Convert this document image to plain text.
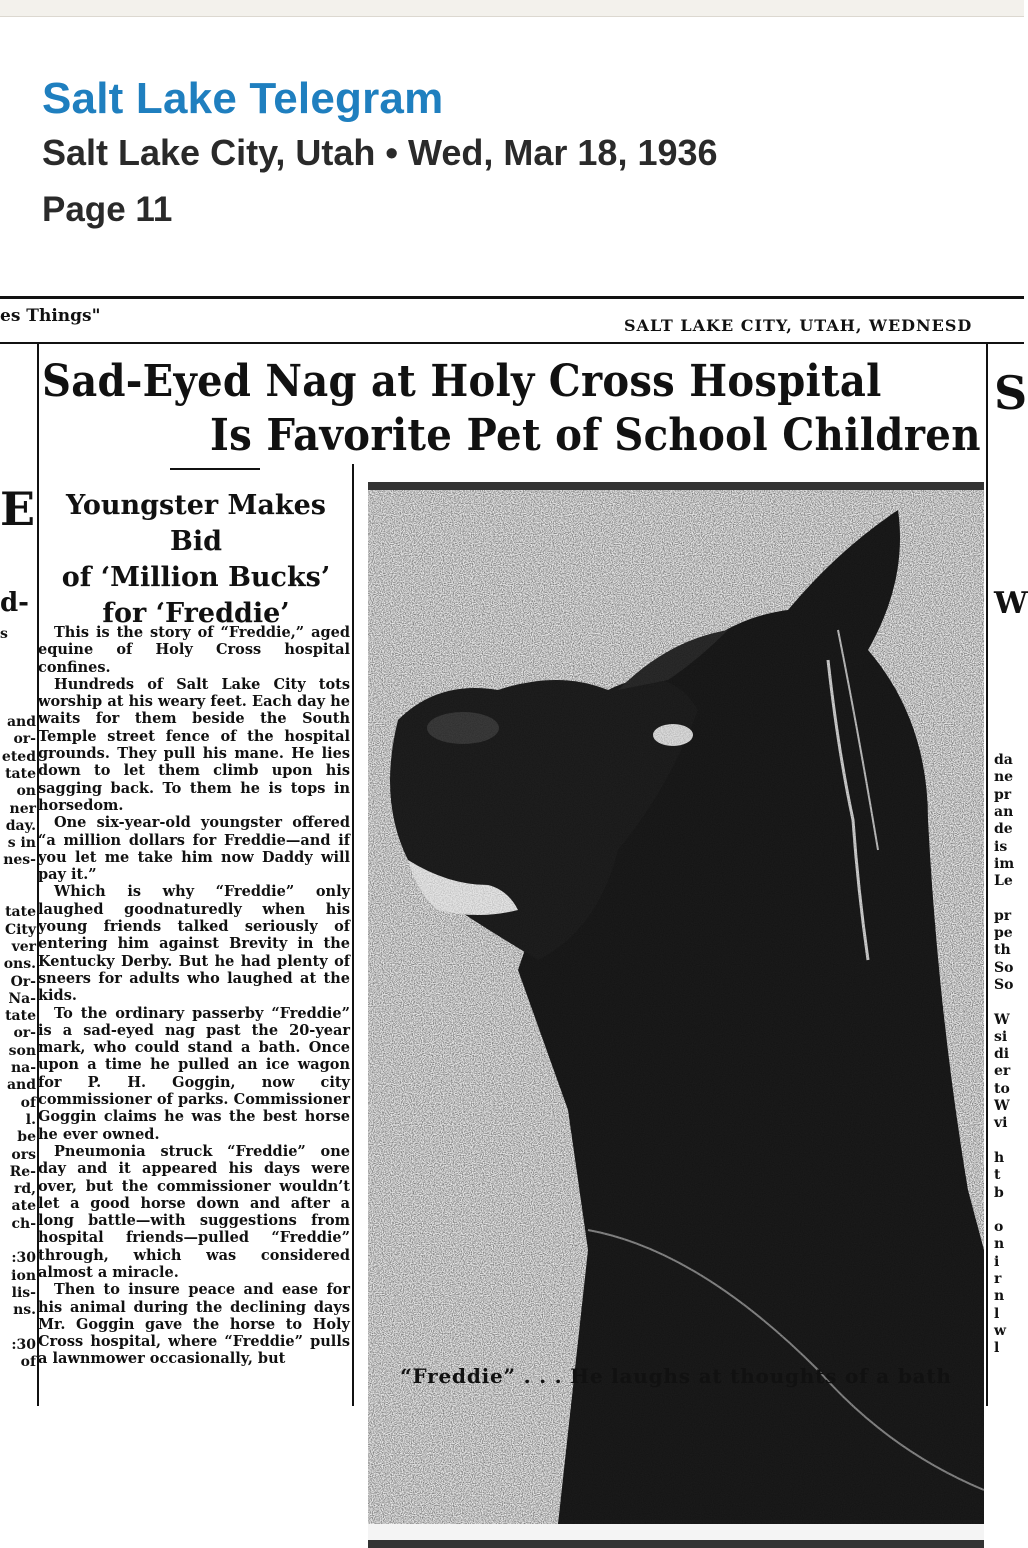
Salt Lake Telegram
Salt Lake City, Utah • Wed, Mar 18, 1936
Page 11
es Things"	SALT LAKE CITY, UTAH, WEDNESD
Sad-Eyed Nag at Holy Cross Hospital
Is Favorite Pet of School Children
Youngster Makes Bid
of ‘Million Bucks’
for ‘Freddie’

This is the story of “Freddie,” aged equine of Holy Cross hospital confines.

Hundreds of Salt Lake City tots worship at his weary feet. Each day he waits for them beside the South Temple street fence of the hospital grounds. They pull his mane. He lies down to let them climb upon his sagging back. To them he is tops in horsedom.

One six-year-old youngster offered “a million dollars for Freddie—and if you let me take him now Daddy will pay it.”

Which is why “Freddie” only laughed goodnaturedly when his young friends talked seriously of entering him against Brevity in the Kentucky Derby. But he had plenty of sneers for adults who laughed at the kids.

To the ordinary passerby “Freddie” is a sad-eyed nag past the 20-year mark, who could stand a bath. Once upon a time he pulled an ice wagon for P. H. Goggin, now city commissioner of parks. Commissioner Goggin claims he was the best horse he ever owned.

Pneumonia struck “Freddie” one day and it appeared his days were over, but the commissioner wouldn’t let a good horse down and after a long battle—with suggestions from hospital friends—pulled “Freddie” through, which was considered almost a miracle.

Then to insure peace and ease for his animal during the declining days Mr. Goggin gave the horse to Holy Cross hospital, where “Freddie” pulls a lawnmower occasionally, but

E
d-
s
and
or-
eted
tate
on
ner
day.
s in
nes-
tate
City
ver
ons.
Or-
Na-
tate
or-
son
na-
and
of
l.
be
ors
Re-
rd,
ate
ch-
:30
ion
lis-
ns.
:30
of
S
W
da
ne
pr
an
de
is
im
Le
pr
pe
th
So
So
W
si
di
er
to
W
vi
h
t
b
o
n
i
r
n
l
w
l
“Freddie” . . . He laughs at thoughts of a bath
